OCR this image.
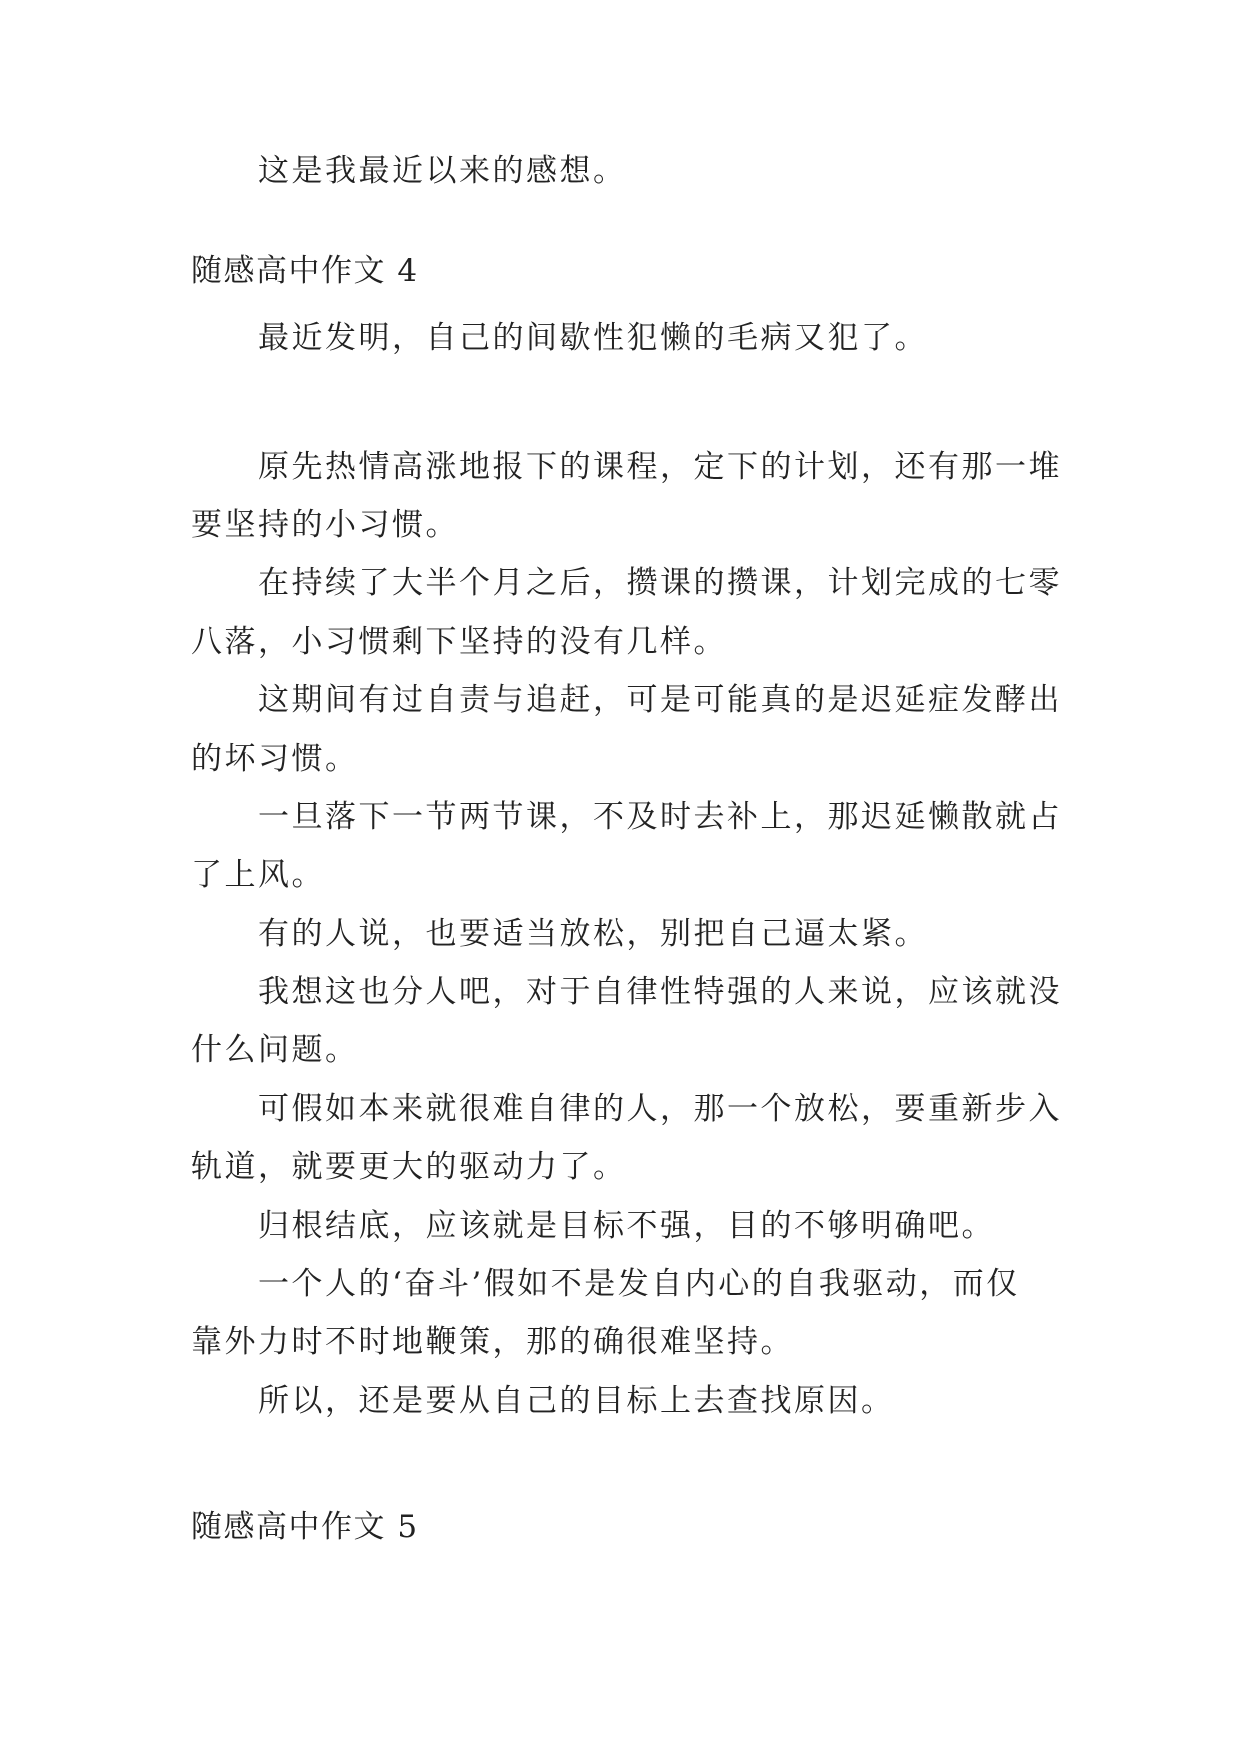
这是我最近以来的感想。
随感高中作文 4
最近发明，自己的间歇性犯懒的毛病又犯了。
原先热情高涨地报下的课程，定下的计划，还有那一堆
要坚持的小习惯。
在持续了大半个月之后，攒课的攒课，计划完成的七零
八落，小习惯剩下坚持的没有几样。
这期间有过自责与追赶，可是可能真的是迟延症发酵出
的坏习惯。
一旦落下一节两节课，不及时去补上，那迟延懒散就占
了上风。
有的人说，也要适当放松，别把自己逼太紧。
我想这也分人吧，对于自律性特强的人来说，应该就没
什么问题。
可假如本来就很难自律的人，那一个放松，要重新步入
轨道，就要更大的驱动力了。
归根结底，应该就是目标不强，目的不够明确吧。
一个人的‘奋斗’假如不是发自内心的自我驱动，而仅
靠外力时不时地鞭策，那的确很难坚持。
所以，还是要从自己的目标上去查找原因。
随感高中作文 5
